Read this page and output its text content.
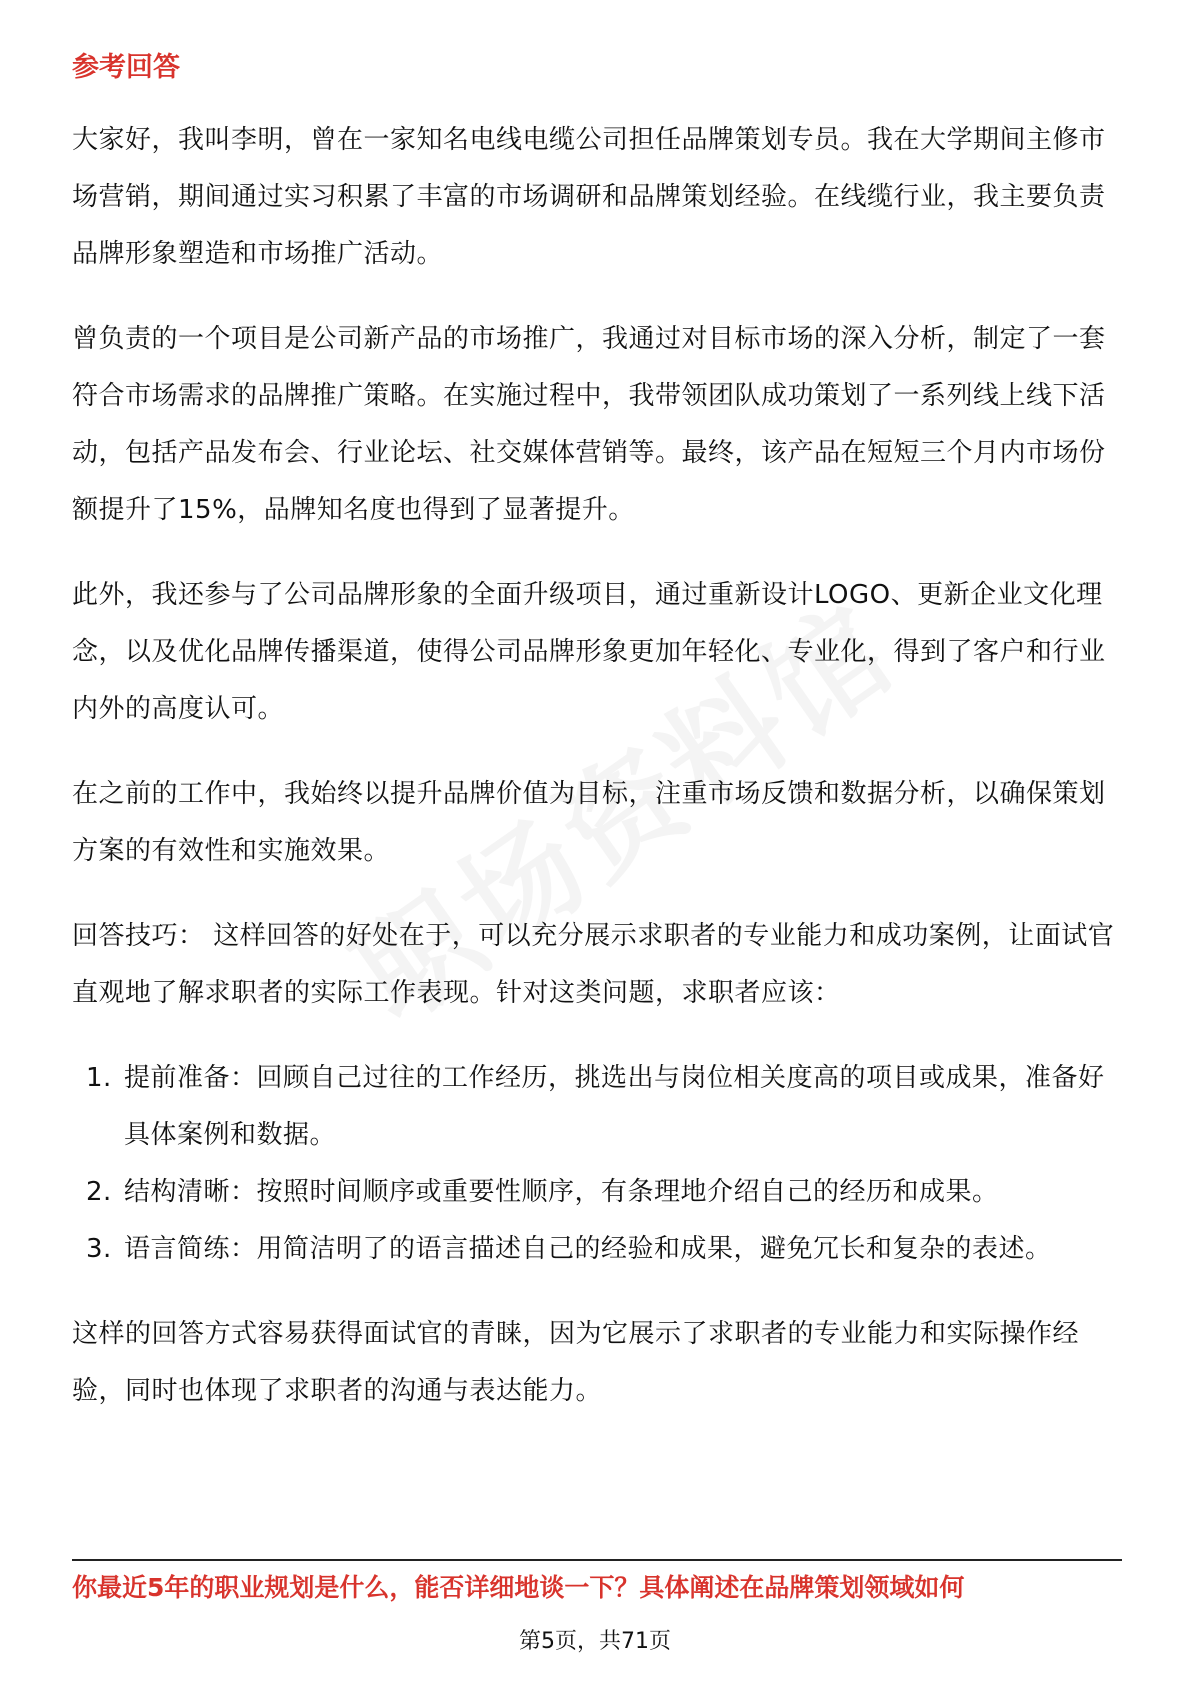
参考回答

大家好，我叫李明，曾在一家知名电线电缆公司担任品牌策划专员。我在大学期间主修市场营销，期间通过实习积累了丰富的市场调研和品牌策划经验。在线缆行业，我主要负责品牌形象塑造和市场推广活动。

曾负责的一个项目是公司新产品的市场推广，我通过对目标市场的深入分析，制定了一套符合市场需求的品牌推广策略。在实施过程中，我带领团队成功策划了一系列线上线下活动，包括产品发布会、行业论坛、社交媒体营销等。最终，该产品在短短三个月内市场份额提升了15%，品牌知名度也得到了显著提升。

此外，我还参与了公司品牌形象的全面升级项目，通过重新设计LOGO、更新企业文化理念，以及优化品牌传播渠道，使得公司品牌形象更加年轻化、专业化，得到了客户和行业内外的高度认可。

在之前的工作中，我始终以提升品牌价值为目标，注重市场反馈和数据分析，以确保策划方案的有效性和实施效果。

回答技巧： 这样回答的好处在于，可以充分展示求职者的专业能力和成功案例，让面试官直观地了解求职者的实际工作表现。针对这类问题，求职者应该：

1. 提前准备：回顾自己过往的工作经历，挑选出与岗位相关度高的项目或成果，准备好具体案例和数据。
2. 结构清晰：按照时间顺序或重要性顺序，有条理地介绍自己的经历和成果。
3. 语言简练：用简洁明了的语言描述自己的经验和成果，避免冗长和复杂的表述。

这样的回答方式容易获得面试官的青睐，因为它展示了求职者的专业能力和实际操作经验，同时也体现了求职者的沟通与表达能力。

你最近5年的职业规划是什么，能否详细地谈一下？具体阐述在品牌策划领域如何
第5页，共71页
